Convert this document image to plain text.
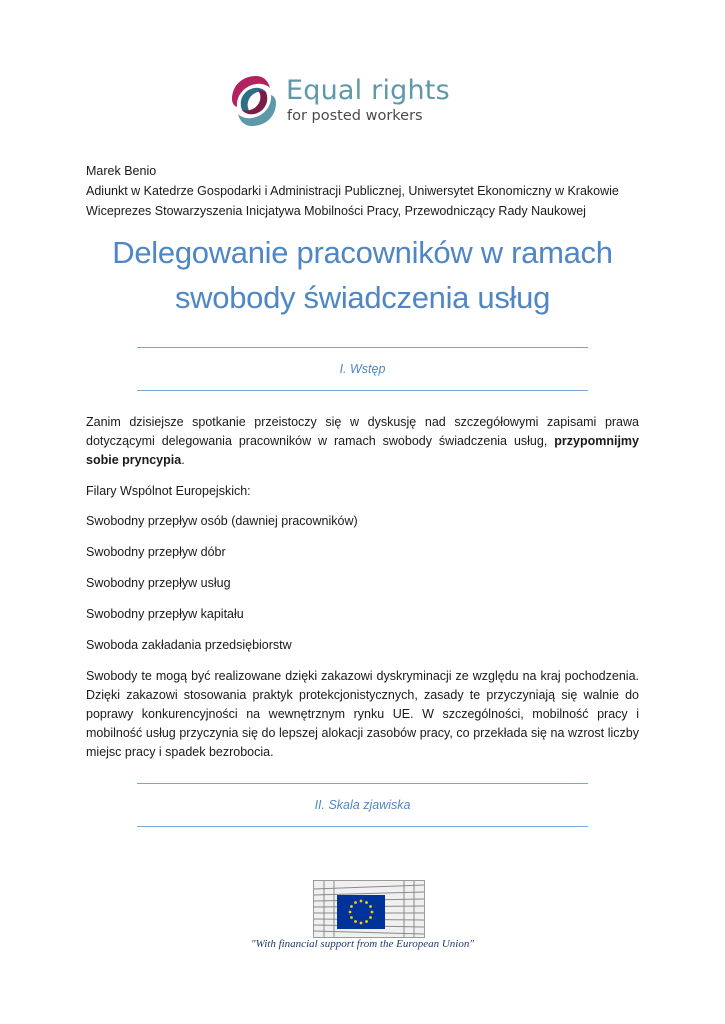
Equal rights
for posted workers
Marek Benio
Adiunkt w Katedrze Gospodarki i Administracji Publicznej, Uniwersytet Ekonomiczny w Krakowie
Wiceprezes Stowarzyszenia Inicjatywa Mobilności Pracy, Przewodniczący Rady Naukowej
Delegowanie pracowników w ramach
swobody świadczenia usług
I. Wstęp

Zanim dzisiejsze spotkanie przeistoczy się w dyskusję nad szczegółowymi zapisami prawa dotyczącymi delegowania pracowników w ramach swobody świadczenia usług, przypomnijmy sobie pryncypia.

Filary Wspólnot Europejskich:
Swobodny przepływ osób (dawniej pracowników)
Swobodny przepływ dóbr
Swobodny przepływ usług
Swobodny przepływ kapitału
Swoboda zakładania przedsiębiorstw

Swobody te mogą być realizowane dzięki zakazowi dyskryminacji ze względu na kraj pochodzenia. Dzięki zakazowi stosowania praktyk protekcjonistycznych, zasady te przyczyniają się walnie do poprawy konkurencyjności na wewnętrznym rynku UE. W szczególności, mobilność pracy i mobilność usług przyczynia się do lepszej alokacji zasobów pracy, co przekłada się na wzrost liczby miejsc pracy i spadek bezrobocia.

II. Skala zjawiska
"With financial support from the European Union"
